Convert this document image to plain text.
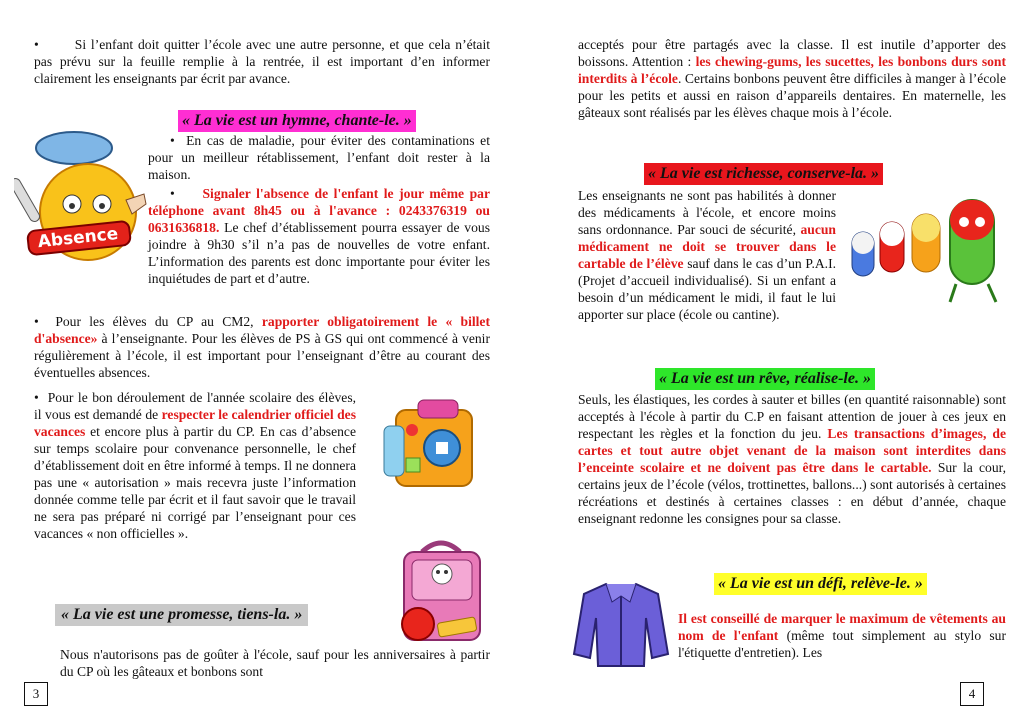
•	Si l’enfant doit quitter l’école avec une autre personne, et que cela n’était pas prévu sur la feuille remplie à la rentrée, il est important d’en informer clairement les enseignants par écrit par avance.

« La vie est un hymne, chante-le. »
Absence

•  En cas de maladie, pour éviter des contaminations et pour un meilleur rétablissement, l’enfant doit rester à la maison.

•     Signaler l'absence de l'enfant le jour même par téléphone avant 8h45 ou à l'avance : 0243376319 ou 0631636818. Le chef d’établissement pourra essayer de vous joindre à 9h30 s’il n’a pas de nouvelles de votre enfant. L’information des parents est donc importante pour éviter les inquiétudes de part et d’autre.

•  Pour les élèves du CP au CM2, rapporter obligatoirement le « billet d'absence» à l’enseignante. Pour les élèves de PS à GS qui ont commencé à venir régulièrement à l’école, il est important pour l’enseignant d’être au courant des éventuelles absences.

•  Pour le bon déroulement de l'année scolaire des élèves, il vous est demandé de respecter le calendrier officiel des vacances et encore plus à partir du CP. En cas d’absence sur temps scolaire pour convenance personnelle, le chef d’établissement doit en être informé à temps. Il ne donnera pas une « autorisation » mais recevra juste l’information donnée comme telle par écrit et il faut savoir que le travail ne sera pas préparé ni corrigé par l’enseignant pour ces vacances « non officielles ».

« La vie est une promesse, tiens-la. »

Nous n'autorisons pas de goûter à l'école, sauf pour les anniversaires à partir du CP où les gâteaux et bonbons sont

3

acceptés pour être partagés avec la classe. Il est inutile d’apporter des boissons. Attention : les chewing-gums, les sucettes, les bonbons durs sont interdits à l’école. Certains bonbons peuvent être difficiles à manger à l’école pour les petits et aussi en raison d’appareils dentaires. En maternelle, les gâteaux sont réalisés par les élèves chaque mois à l’école.

« La vie est richesse, conserve-la. »

Les enseignants ne sont pas habilités à donner des médicaments à l'école, et encore moins sans ordonnance. Par souci de sécurité, aucun médicament ne doit se trouver dans le cartable de l’élève sauf dans le cas d’un P.A.I. (Projet d’accueil individualisé). Si un enfant a besoin d’un médicament le midi, il faut le lui apporter sur place (école ou cantine).

« La vie est un rêve, réalise-le. »

Seuls, les élastiques, les cordes à sauter et billes (en quantité raisonnable) sont acceptés à l'école à partir du C.P en faisant attention de jouer à ces jeux en respectant les règles et la fonction du jeu. Les transactions d’images, de cartes et tout autre objet venant de la maison sont interdites dans l’enceinte scolaire et ne doivent pas être dans le cartable. Sur la cour, certains jeux de l’école (vélos, trottinettes, ballons...) sont autorisés à certaines récréations et destinés à certaines classes : en début d’année, chaque enseignant redonne les consignes pour sa classe.

« La vie est un défi, relève-le. »

Il est conseillé de marquer le maximum de vêtements au nom de l'enfant (même tout simplement au stylo sur l'étiquette d'entretien). Les

4
